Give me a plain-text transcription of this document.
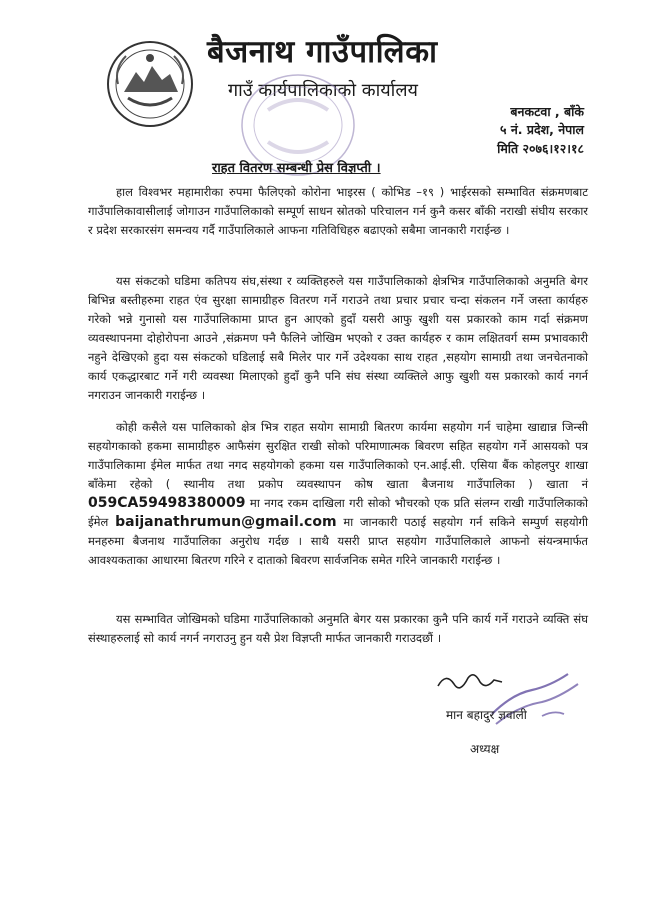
बैजनाथ गाउँपालिका
गाउँ कार्यपालिकाको कार्यालय
बनकटवा , बाँके
५ नं. प्रदेश, नेपाल
मिति २०७६।१२।१८
राहत वितरण सम्बन्धी प्रेस विज्ञप्ती ।

हाल विश्वभर महामारीका रुपमा फैलिएको कोरोना भाइरस ( कोभिड –१९ ) भाईरसको सम्भावित संक्रमणबाट गाउँपालिकावासीलाई जोगाउन गाउँपालिकाको सम्पूर्ण साधन स्रोतको परिचालन गर्न कुनै कसर बाँकी नराखी संघीय सरकार र प्रदेश सरकारसंग समन्वय गर्दै गाउँपालिकाले आफना गतिविधिहरु बढाएको सबैमा जानकारी गराईन्छ ।

यस संकटको घडिमा कतिपय संघ,संस्था र व्यक्तिहरुले यस गाउँपालिकाको क्षेत्रभित्र गाउँपालिकाको अनुमति बेगर बिभिन्न बस्तीहरुमा राहत एंव सुरक्षा सामाग्रीहरु वितरण गर्ने गराउने तथा प्रचार प्रचार चन्दा संकलन गर्ने जस्ता कार्यहरु गरेको भन्ने गुनासो यस गाउँपालिकामा प्राप्त हुन आएको हुदाँ यसरी आफु खुशी यस प्रकारको काम गर्दा संक्रमण व्यवस्थापनमा दोहोरोपना आउने ,संक्रमण फ्नै फैलिने जोखिम भएको र उक्त कार्यहरु र काम लक्षितवर्ग सम्म प्रभावकारी नहुने देखिएको हुदा यस संकटको घडिलाई सबै मिलेर पार गर्ने उदेश्यका साथ राहत ,सहयोग सामाग्री तथा जनचेतनाको कार्य एकद्धारबाट गर्ने गरी व्यवस्था मिलाएको हुदाँ कुनै पनि संघ संस्था व्यक्तिले आफु खुशी यस प्रकारको कार्य नगर्न नगराउन जानकारी गराईन्छ ।

कोही कसैले यस पालिकाको क्षेत्र भित्र राहत सयोग सामाग्री बितरण कार्यमा सहयोग गर्न चाहेमा खाद्यान्न जिन्सी सहयोगकाको हकमा सामाग्रीहरु आफैसंग सुरक्षित राखी सोको परिमाणात्मक बिवरण सहित सहयोग गर्ने आसयको पत्र गाउँपालिकामा ईमेल मार्फत तथा नगद सहयोगको हकमा यस गाउँपालिकाको एन.आई.सी. एसिया बैंक कोहलपुर शाखा बाँकेमा रहेको ( स्थानीय तथा प्रकोप व्यवस्थापन कोष खाता बैजनाथ गाउँपालिका ) खाता नं 059CA59498380009 मा नगद रकम दाखिला गरी सोको भौचरको एक प्रति संलग्न राखी गाउँपालिकाको ईमेल baijanathrumun@gmail.com मा जानकारी पठाई सहयोग गर्न सकिने सम्पुर्ण सहयोगी मनहरुमा बैजनाथ गाउँपालिका अनुरोध गर्दछ । साथै यसरी प्राप्त सहयोग गाउँपालिकाले आफनो संयन्त्रमार्फत आवश्यकताका आधारमा बितरण गरिने र दाताको बिवरण सार्वजनिक समेत गरिने जानकारी गराईन्छ ।

यस सम्भावित जोखिमको घडिमा गाउँपालिकाको अनुमति बेगर यस प्रकारका कुनै पनि कार्य गर्ने गराउने व्यक्ति संघ संस्थाहरुलाई सो कार्य नगर्न नगराउनु हुन यसै प्रेश विज्ञप्ती मार्फत जानकारी गराउदछौं ।

मान बहादुर ज्ञवाली
अध्यक्ष
